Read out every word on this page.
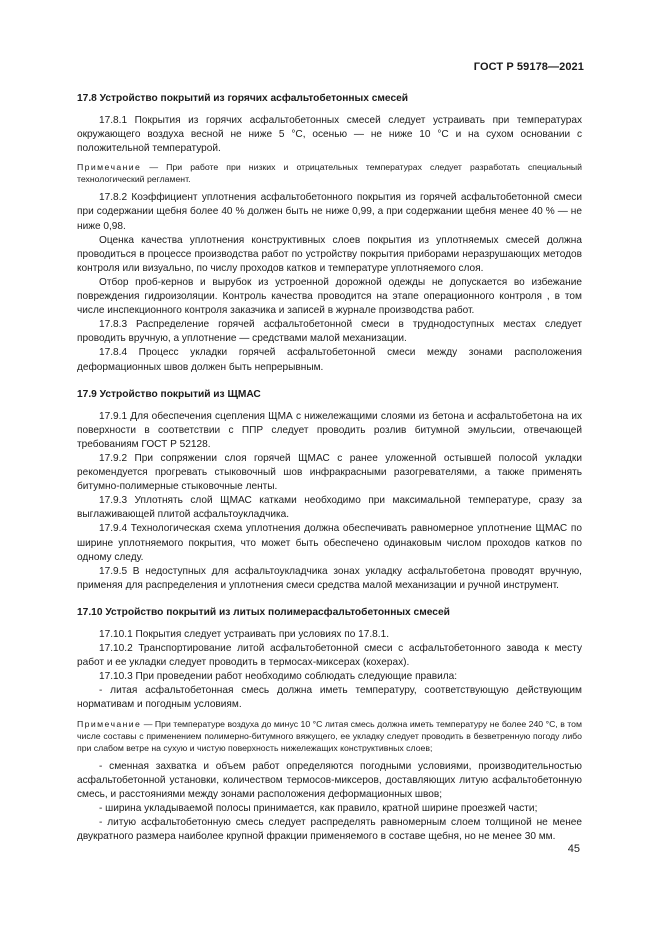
ГОСТ Р 59178—2021
17.8 Устройство покрытий из горячих асфальтобетонных смесей

17.8.1 Покрытия из горячих асфальтобетонных смесей следует устраивать при температурах окружающего воздуха весной не ниже 5 °С, осенью — не ниже 10 °С и на сухом основании с положительной температурой.

Примечание — При работе при низких и отрицательных температурах следует разработать специальный технологический регламент.

17.8.2 Коэффициент уплотнения асфальтобетонного покрытия из горячей асфальтобетонной смеси при содержании щебня более 40 % должен быть не ниже 0,99, а при содержании щебня менее 40 % — не ниже 0,98.

Оценка качества уплотнения конструктивных слоев покрытия из уплотняемых смесей должна проводиться в процессе производства работ по устройству покрытия приборами неразрушающих методов контроля или визуально, по числу проходов катков и температуре уплотняемого слоя.

Отбор проб-кернов и вырубок из устроенной дорожной одежды не допускается во избежание повреждения гидроизоляции. Контроль качества проводится на этапе операционного контроля , в том числе инспекционного контроля заказчика и записей в журнале производства работ.

17.8.3 Распределение горячей асфальтобетонной смеси в труднодоступных местах следует проводить вручную, а уплотнение — средствами малой механизации.

17.8.4 Процесс укладки горячей асфальтобетонной смеси между зонами расположения деформационных швов должен быть непрерывным.

17.9 Устройство покрытий из ЩМАС

17.9.1 Для обеспечения сцепления ЩМА с нижележащими слоями из бетона и асфальтобетона на их поверхности в соответствии с ППР следует проводить розлив битумной эмульсии, отвечающей требованиям ГОСТ Р 52128.

17.9.2 При сопряжении слоя горячей ЩМАС с ранее уложенной остывшей полосой укладки рекомендуется прогревать стыковочный шов инфракрасными разогревателями, а также применять битумно-полимерные стыковочные ленты.

17.9.3 Уплотнять слой ЩМАС катками необходимо при максимальной температуре, сразу за выглаживающей плитой асфальтоукладчика.

17.9.4 Технологическая схема уплотнения должна обеспечивать равномерное уплотнение ЩМАС по ширине уплотняемого покрытия, что может быть обеспечено одинаковым числом проходов катков по одному следу.

17.9.5 В недоступных для асфальтоукладчика зонах укладку асфальтобетона проводят вручную, применяя для распределения и уплотнения смеси средства малой механизации и ручной инструмент.

17.10 Устройство покрытий из литых полимерасфальтобетонных смесей

17.10.1 Покрытия следует устраивать при условиях по 17.8.1.

17.10.2 Транспортирование литой асфальтобетонной смеси с асфальтобетонного завода к месту работ и ее укладки следует проводить в термосах-миксерах (кохерах).

17.10.3 При проведении работ необходимо соблюдать следующие правила:

- литая асфальтобетонная смесь должна иметь температуру, соответствующую действующим нормативам и погодным условиям.

Примечание — При температуре воздуха до минус 10 °С литая смесь должна иметь температуру не более 240 °С, в том числе составы с применением полимерно-битумного вяжущего, ее укладку следует проводить в безветренную погоду либо при слабом ветре на сухую и чистую поверхность нижележащих конструктивных слоев;

- сменная захватка и объем работ определяются погодными условиями, производительностью асфальтобетонной установки, количеством термосов-миксеров, доставляющих литую асфальтобетонную смесь, и расстояниями между зонами расположения деформационных швов;

- ширина укладываемой полосы принимается, как правило, кратной ширине проезжей части;

- литую асфальтобетонную смесь следует распределять равномерным слоем толщиной не менее двукратного размера наиболее крупной фракции применяемого в составе щебня, но не менее 30 мм.

45
